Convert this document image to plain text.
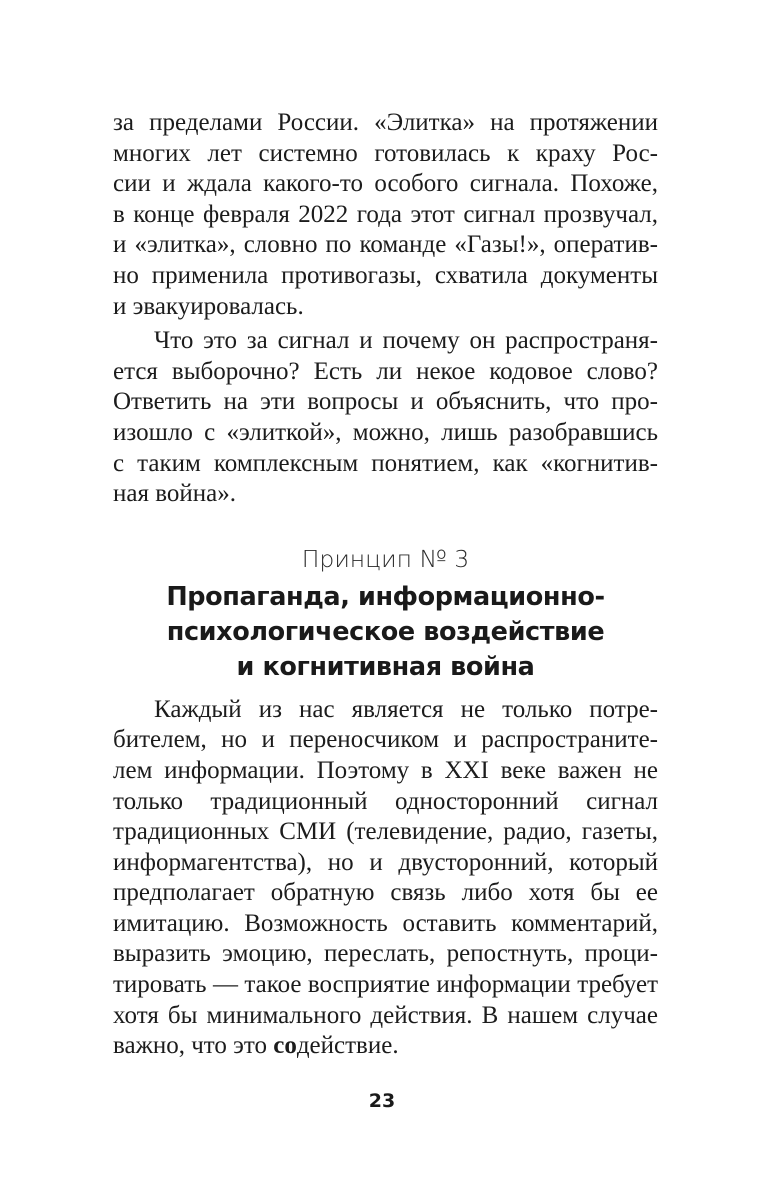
за пределами России. «Элитка» на протяжении
многих лет системно готовилась к краху Рос-
сии и ждала какого-то особого сигнала. Похоже,
в конце февраля 2022 года этот сигнал прозвучал,
и «элитка», словно по команде «Газы!», оператив-
но применила противогазы, схватила документы
и эвакуировалась.

Что это за сигнал и почему он распространя-
ется выборочно? Есть ли некое кодовое слово?
Ответить на эти вопросы и объяснить, что про-
изошло с «элиткой», можно, лишь разобравшись
с таким комплексным понятием, как «когнитив-
ная война».

Принцип № 3
Пропаганда, информационно-
психологическое воздействие
и когнитивная война

Каждый из нас является не только потре-
бителем, но и переносчиком и распространите-
лем информации. Поэтому в XXI веке важен не
только традиционный односторонний сигнал
традиционных СМИ (телевидение, радио, газеты,
информагентства), но и двусторонний, который
предполагает обратную связь либо хотя бы ее
имитацию. Возможность оставить комментарий,
выразить эмоцию, переслать, репостнуть, проци-
тировать — такое восприятие информации требует
хотя бы минимального действия. В нашем случае
важно, что это содействие.

23
